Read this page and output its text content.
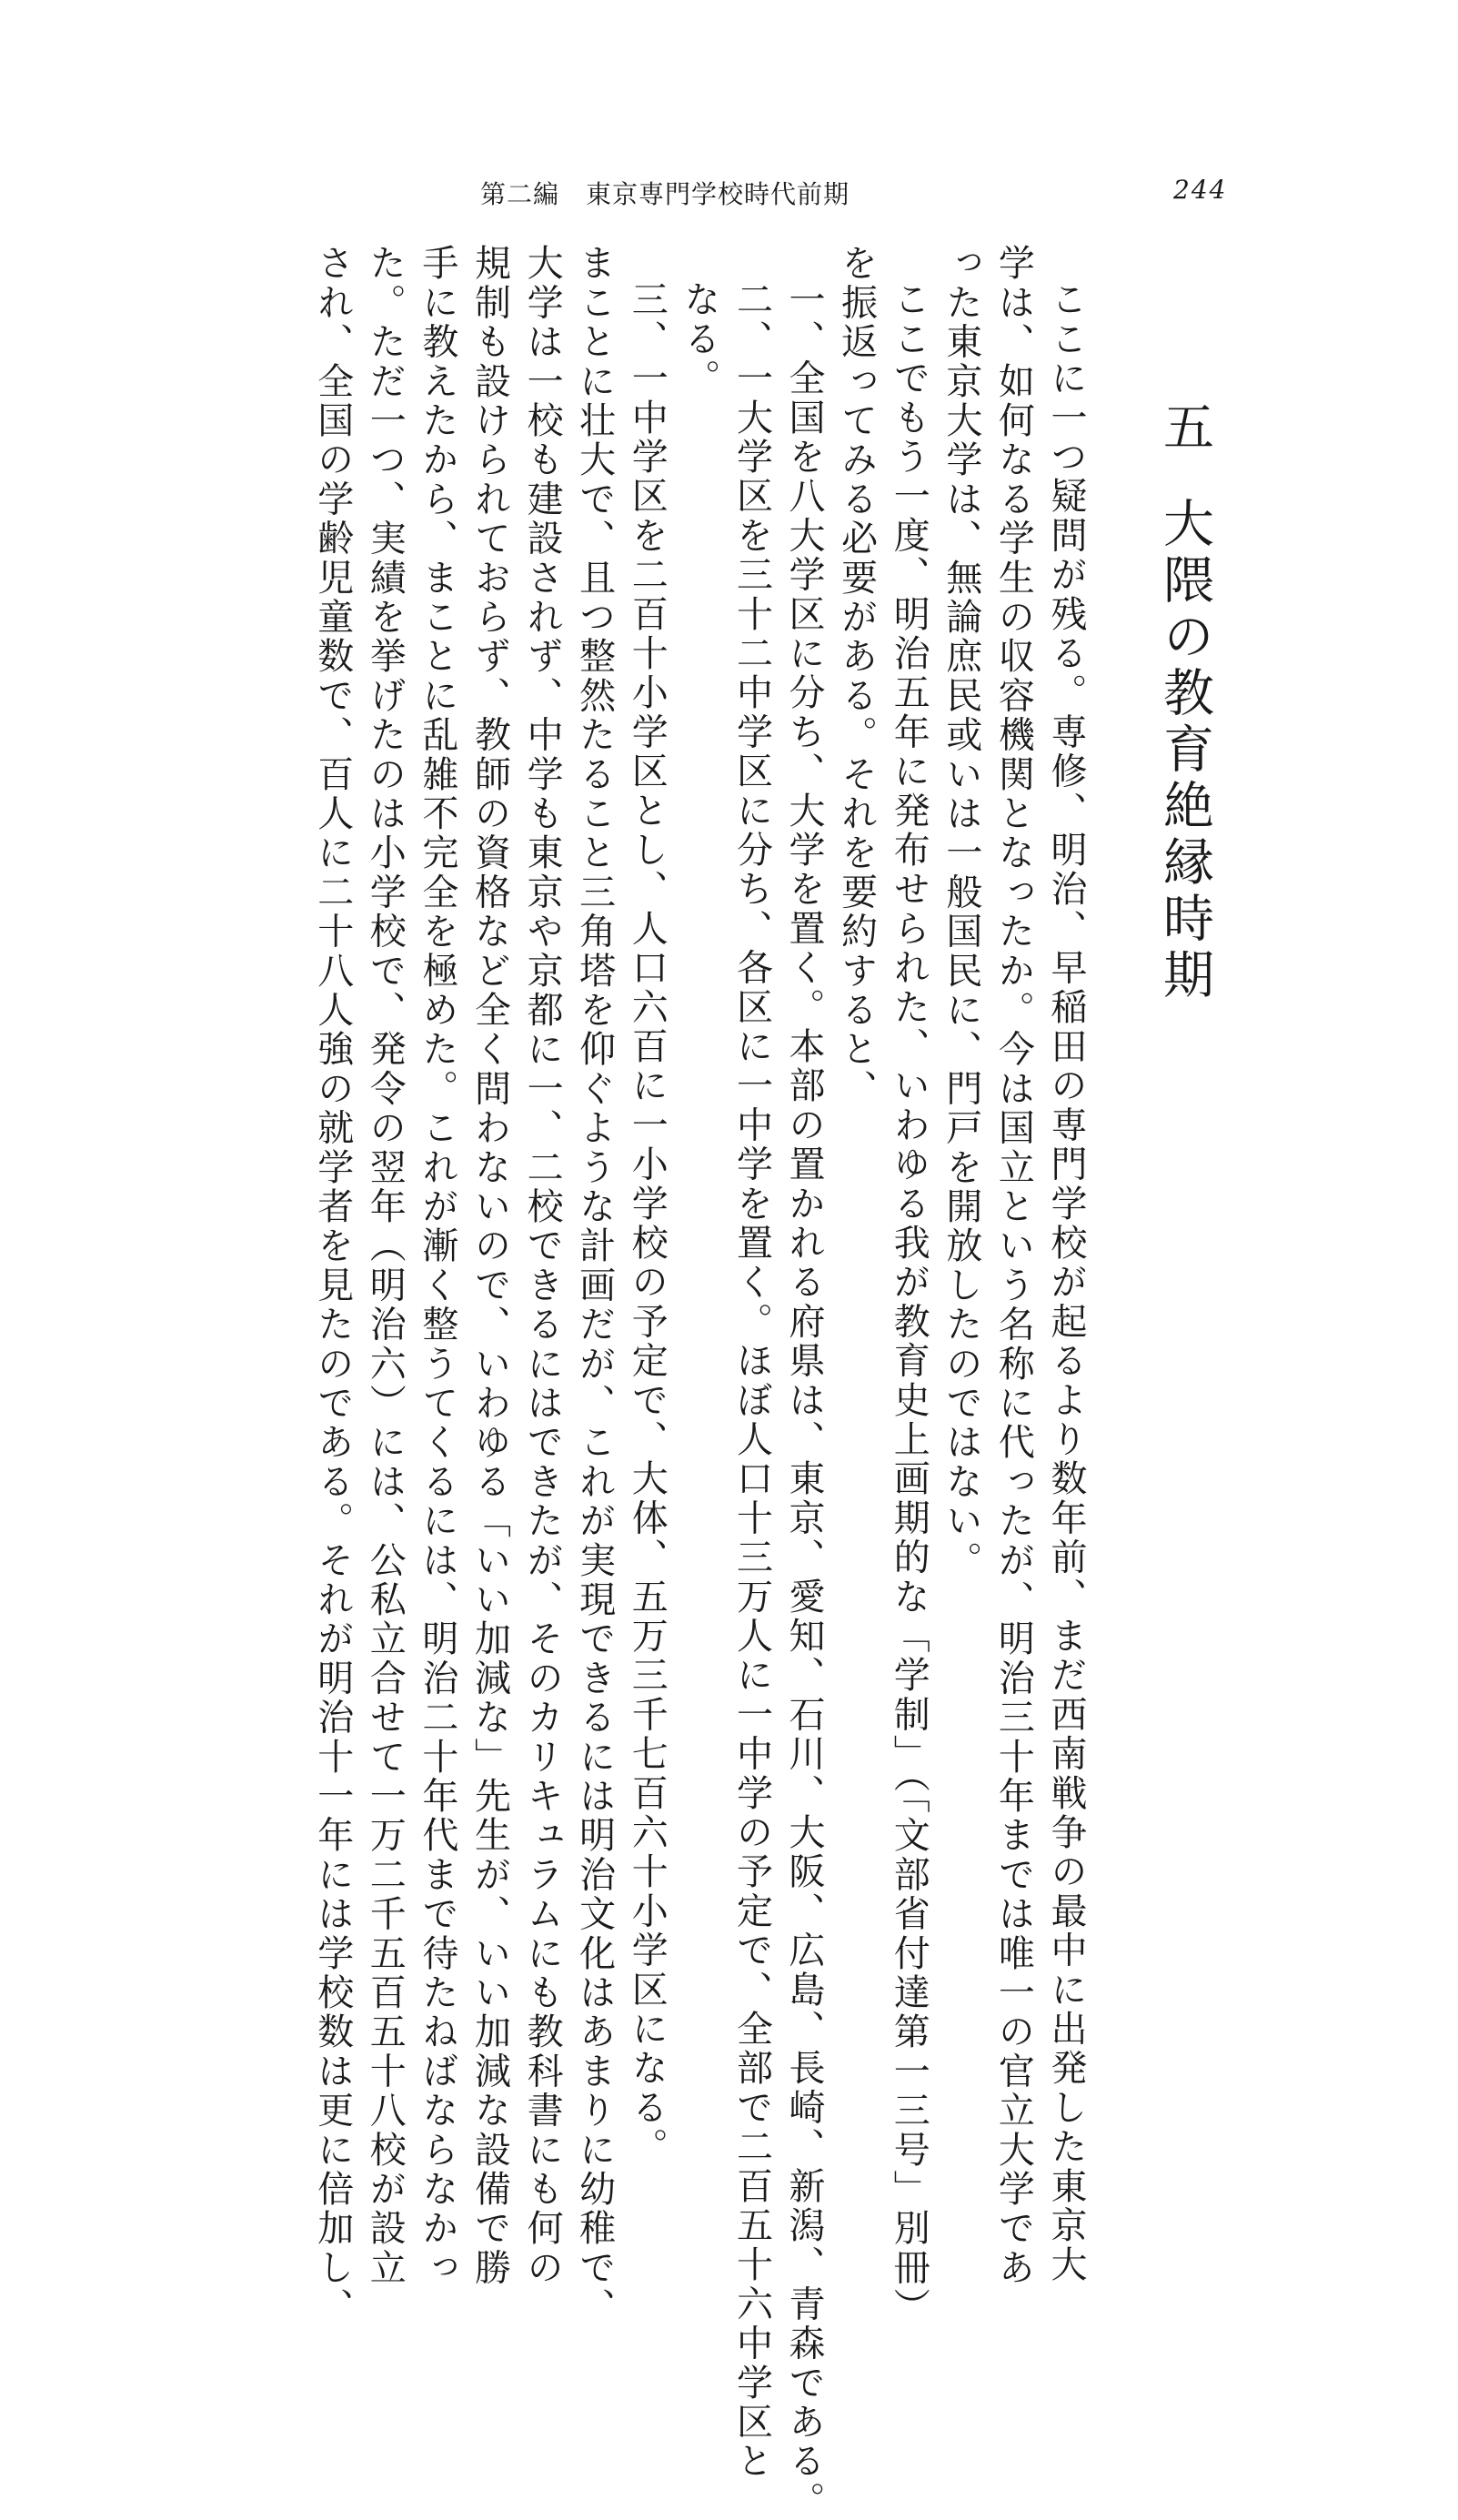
第二編　東京専門学校時代前期	244
五大隈の教育絶縁時期

ここに一つ疑問が残る。専修、明治、早稲田の専門学校が起るより数年前、まだ西南戦争の最中に出発した東京大

学は、如何なる学生の収容機関となったか。今は国立という名称に代ったが、明治三十年までは唯一の官立大学であ

った東京大学は、無論庶民或いは一般国民に、門戸を開放したのではない。

ここでもう一度、明治五年に発布せられた、いわゆる我が教育史上画期的な「学制」（「文部省付達第一三号」別冊）

を振返ってみる必要がある。それを要約すると、

一、全国を八大学区に分ち、大学を置く。本部の置かれる府県は、東京、愛知、石川、大阪、広島、長崎、新潟、青森である。

二、一大学区を三十二中学区に分ち、各区に一中学を置く。ほぼ人口十三万人に一中学の予定で、全部で二百五十六中学区と

なる。

三、一中学区を二百十小学区とし、人口六百に一小学校の予定で、大体、五万三千七百六十小学区になる。

まことに壮大で、且つ整然たること三角塔を仰ぐような計画だが、これが実現できるには明治文化はあまりに幼稚で、

大学は一校も建設されず、中学も東京や京都に一、二校できるにはできたが、そのカリキュラムにも教科書にも何の

規制も設けられておらず、教師の資格など全く問わないので、いわゆる「いい加減な」先生が、いい加減な設備で勝

手に教えたから、まことに乱雑不完全を極めた。これが漸く整うてくるには、明治二十年代まで待たねばならなかっ

た。ただ一つ、実績を挙げたのは小学校で、発令の翌年（明治六）には、公私立合せて一万二千五百五十八校が設立

され、全国の学齢児童数で、百人に二十八人強の就学者を見たのである。それが明治十一年には学校数は更に倍加し、
